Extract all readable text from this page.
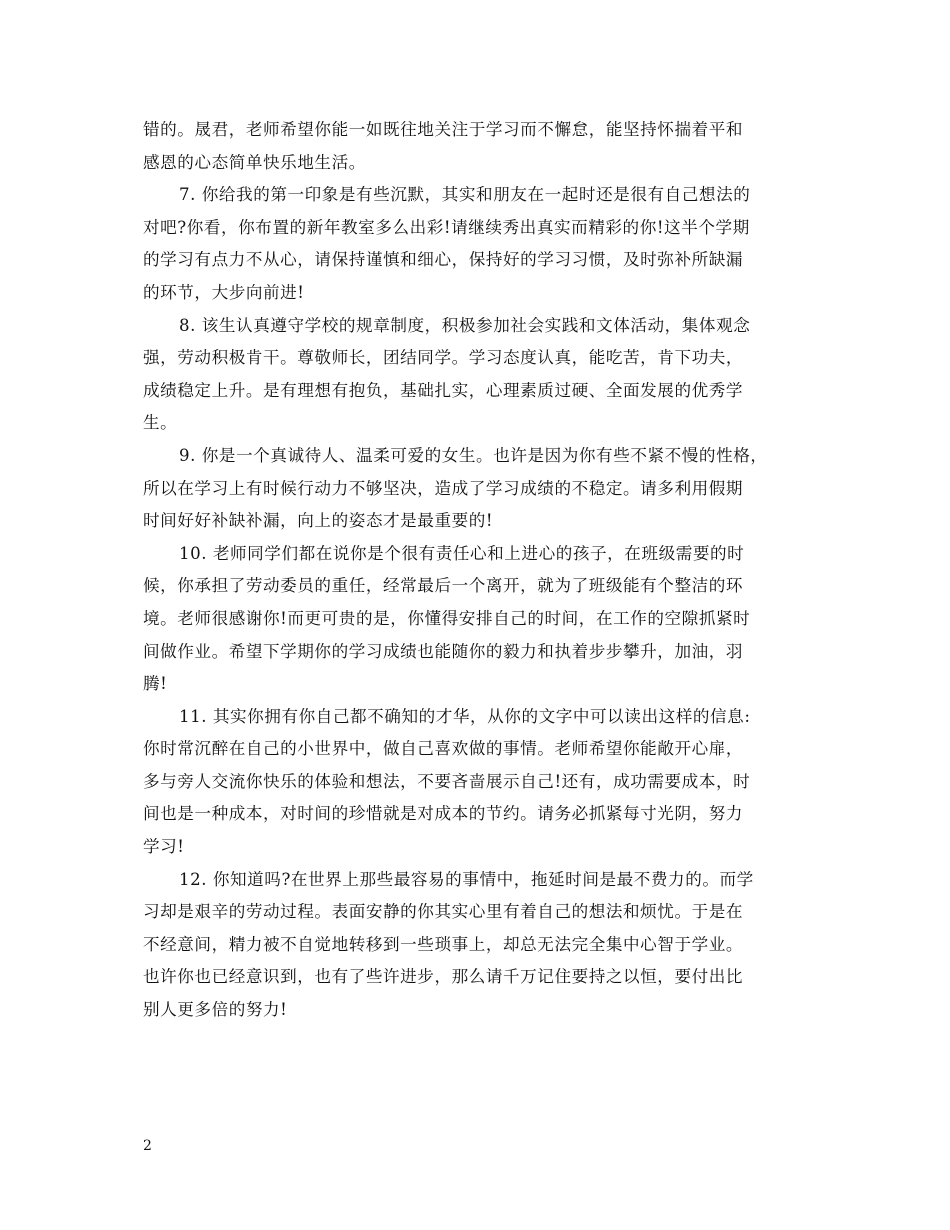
错的。晟君，老师希望你能一如既往地关注于学习而不懈怠，能坚持怀揣着平和
感恩的心态简单快乐地生活。
7. 你给我的第一印象是有些沉默，其实和朋友在一起时还是很有自己想法的
对吧?你看，你布置的新年教室多么出彩!请继续秀出真实而精彩的你!这半个学期
的学习有点力不从心，请保持谨慎和细心，保持好的学习习惯，及时弥补所缺漏
的环节，大步向前进!
8. 该生认真遵守学校的规章制度，积极参加社会实践和文体活动，集体观念
强，劳动积极肯干。尊敬师长，团结同学。学习态度认真，能吃苦，肯下功夫，
成绩稳定上升。是有理想有抱负，基础扎实，心理素质过硬、全面发展的优秀学
生。
9. 你是一个真诚待人、温柔可爱的女生。也许是因为你有些不紧不慢的性格，
所以在学习上有时候行动力不够坚决，造成了学习成绩的不稳定。请多利用假期
时间好好补缺补漏，向上的姿态才是最重要的!
10. 老师同学们都在说你是个很有责任心和上进心的孩子，在班级需要的时
候，你承担了劳动委员的重任，经常最后一个离开，就为了班级能有个整洁的环
境。老师很感谢你!而更可贵的是，你懂得安排自己的时间，在工作的空隙抓紧时
间做作业。希望下学期你的学习成绩也能随你的毅力和执着步步攀升，加油，羽
腾!
11. 其实你拥有你自己都不确知的才华，从你的文字中可以读出这样的信息:
你时常沉醉在自己的小世界中，做自己喜欢做的事情。老师希望你能敞开心扉，
多与旁人交流你快乐的体验和想法，不要吝啬展示自己!还有，成功需要成本，时
间也是一种成本，对时间的珍惜就是对成本的节约。请务必抓紧每寸光阴，努力
学习!
12. 你知道吗?在世界上那些最容易的事情中，拖延时间是最不费力的。而学
习却是艰辛的劳动过程。表面安静的你其实心里有着自己的想法和烦忧。于是在
不经意间，精力被不自觉地转移到一些琐事上，却总无法完全集中心智于学业。
也许你也已经意识到，也有了些许进步，那么请千万记住要持之以恒，要付出比
别人更多倍的努力!
2
